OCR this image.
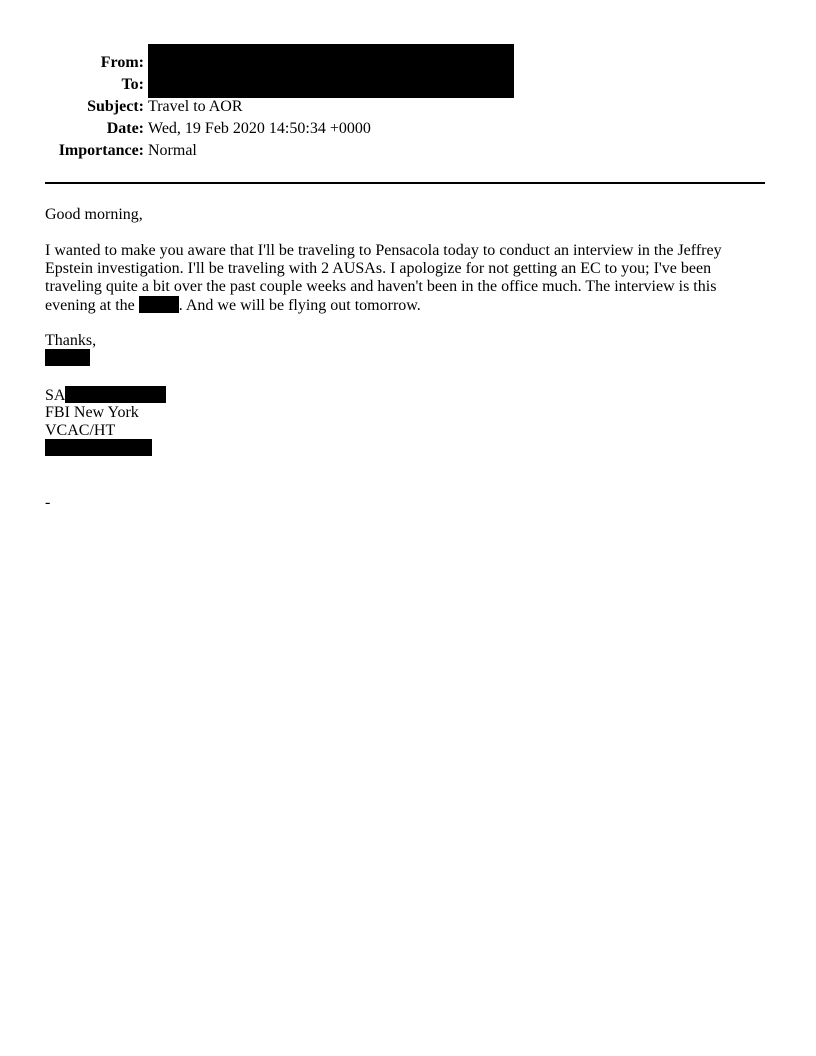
From:
To:
Subject: Travel to AOR
Date: Wed, 19 Feb 2020 14:50:34 +0000
Importance: Normal
Good morning,
I wanted to make you aware that I'll be traveling to Pensacola today to conduct an interview in the Jeffrey
Epstein investigation. I'll be traveling with 2 AUSAs. I apologize for not getting an EC to you; I've been
traveling quite a bit over the past couple weeks and haven't been in the office much. The interview is this
evening at the	. And we will be flying out tomorrow.
Thanks,
SA
FBI New York
VCAC/HT
-
